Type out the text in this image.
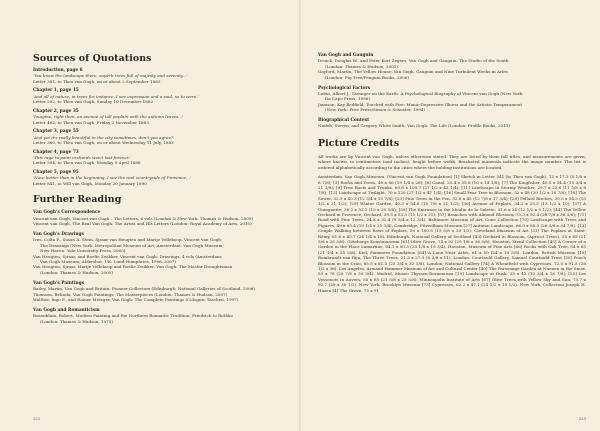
Sources of Quotations
Introduction, page 6
'You know the landscape there, superb trees full of majesty and serenity...'
Letter 381, to Theo van Gogh, on or about 2 September 1883
Chapter 1, page 15
'And all of nature, in trees for instance, I see expression and a soul, so to were.'
Letter 292, to Theo van Gogh, Sunday 10 December 1882
Chapter 2, page 35
'Imagine, right then, an avenue of tall poplars with the autumn leaves...'
Letter 402, to Theo van Gogh, Friday 2 November 1883
Chapter 3, page 55
'And yet it's really beautiful in the city sometimes, don't you agree?'
Letter 360, to Theo van Gogh, on or about Wednesday 11 July, 1883
Chapter 4, page 73
'This rage to paint orchards won't last forever.'
Letter 594, to Theo van Gogh, Monday 9 April 1888
Chapter 5, page 95
'Now, better than in the beginning, I see the real countryside of Provence...'
Letter 841, to Will van Gogh, Monday 20 January 1890
Further Reading
Van Gogh's Correspondence
Vincent van Gogh, Vincent van Gogh – The Letters, 6 vols (London & New York: Thames & Hudson, 2009)
Vincent van Gogh, The Real Van Gogh: The Artist and His Letters (London: Royal Academy of Arts, 2010)
Van Gogh's Drawings
Ives, Colta F., Susan A. Stein, Sjraar van Heugten and Marije Vellekoop, Vincent van Gogh:
The Drawings (New York: Metropolitan Museum of Art; Amsterdam: Van Gogh Museum;
New Haven: Yale University Press, 2005)
Van Heugten, Sjraar, and Roelie Zwikker, Vincent van Gogh: Drawings, 4 vols (Amsterdam:
Van Gogh Museum; Aldershot, UK: Lund Humphries, 1996–2007)
Van Heugten, Sjraar, Marije Vellekoop and Roelie Zwikker, Van Gogh: The Master Draughtsman
(London: Thames & Hudson, 2005)
Van Gogh's Paintings
Bailey, Martin, Van Gogh and Britain: Pioneer Collectors (Edinburgh: National Galleries of Scotland, 2006)
Thomson, Belinda, Van Gogh Paintings: The Masterpieces (London: Thames & Hudson, 2007)
Walther, Ingo F., and Rainer Metzger, Van Gogh: The Complete Paintings (Cologne: Taschen, 1997)
Van Gogh and Romanticism
Rosenblum, Robert, Modern Painting and the Northern Romantic Tradition: Friedrich to Rothko
(London: Thames & Hudson, 1975)
222
Van Gogh and Gauguin
Druick, Douglas W., and Peter Kort Zegers, Van Gogh and Gauguin: The Studio of the South
(London: Thames & Hudson, 2001)
Gayford, Martin, The Yellow House: Van Gogh, Gauguin and Nine Turbulent Weeks in Arles
(London: Fig Tree/Penguin Books, 2006)
Psychological Factors
Lubin, Albert J., Stranger on the Earth: A Psychological Biography of Vincent van Gogh (New York:
Da Capo Press, 1996)
Jamison, Kay Redfield, Touched with Fire: Manic-Depressive Illness and the Artistic Temperament
(New York: Free Press/Simon & Schuster, 1994)
Biographical Context
Naifeh, Steven, and Gregory White Smith, Van Gogh: The Life (London: Profile Books, 2011)
Picture Credits

All works are by Vincent van Gogh, unless otherwise stated. They are listed by their full titles, and measurements are given, where known, in centimetres (and inches), height before width. Bracketed numerals indicate the image number. The list is ordered alphabetically according to the cities where the holding institutions are located.

Amsterdam, Van Gogh Museum, (Vincent van Gogh Foundation) [1] Sketch in Letter 341 (to Theo van Gogh), 13 x 17.3 (5 1/8 x 6 7/8); [3] Rocks and Trees, 49 x 66 (19 1/4 x 26); [6] Canal, 25.4 x 35.8 (10 x 14 1/8); [7] The Kingfisher, 40.1 x 54.4 (15 3/4 x 21 3/8); [9] Tree Roots and Trunks, 69.8 x 109.7 (27 1/2 x 43 1/4); [11] Landscape in Stormy Weather, 29.7 x 22.6 (11 5/8 x 8 7/8); [12] Landscape at Twilight, 70 x 120 (27 1/2 x 47 1/4); [16] Small Pear Tree in Blossom, 52 x 48 (20 1/2 x 18 7/8); [18] The Sower, 32.5 x 40.3 (12 3/4 x 15 7/8); [23] Pine Trees in the Fen, 32.8 x 45 (12 7/8 x 17 3/4); [28] Pollard Birches, 39.5 x 54.5 (15 1/2 x 21 1/2); [29] Winter Garden, 40.3 x 54.6 (15 7/8 x 21 1/2); [30] Avenue of Poplars, 34.2 x 25.5 (13 1/2 x 10); [37] A Guinguette, 38.2 x 52.5 (15 x 20 5/8); [39] The Entrance to the Moulin de la Galette, 31.6 x 24 (12 1/2 x 9 1/2); [44] The Yellow Orchard in Provence; Orchard, 39.5 x 53.5 (15 1/2 x 21); [57] Branches with Almond Blossom, 73.3 x 92.4 (28 7/8 x 36 3/8); [71] Road with Pine Trees, 24.8 x 32.4 (9 3/4 x 12 3/4). Baltimore Museum of Art, Cone Collection [70] Landscape with Trees and Figures, 49 x 65.4 (19 1/4 x 25 3/4). Cambridge, Fitzwilliam Museum [27] Autumn Landscape, 66.9 x 88.5 (26 3/8 x 34 7/8). [13] Couple Walking between Rows of Poplars, 50 x 100.5 (19 5/8 x 39 1/2). Cleveland Museum of Art [31] The Poplars at Saint-Rémy, 61.6 x 45.7 (24 1/4 x 18). Edinburgh, National Gallery of Scotland [43] Orchard in Blossom, (Apricot Trees), 55 x 65 (21 5/8 x 25 5/8). Göteborgs Konstmuseum [61] Olive Grove, 74 x 93 (29 1/8 x 36 5/8). Houston, Menil Collection [45] A Corner of a Garden in the Place Lamartine, 64.1 x 50.3 (25 1/4 x 19 3/4). Houston, Museum of Fine Arts [66] Rocks with Oak Tree, 54 x 65 (21 1/4 x 25 5/8). Kiel, Pommern Foundation [64] A Lane Near Arles, 61 x 50 (24 x 19 5/8). London, British Museum [10] Rembrandt van Rijn, The Three Trees, 21.3 x 27.9 (8 3/8 x 11). London, Courtauld Gallery, Samuel Courtauld Trust [50] Peach Blossom in the Crau, 65.5 x 81.5 (25 3/4 x 32 1/8). London, National Gallery [74] A Wheatfield with Cypresses, 72.5 x 91.5 (28 1/2 x 36). Los Angeles, Armand Hammer Museum of Art and Cultural Center [40] The Parsonage Garden at Nuenen in the Snow, 53 x 78 (20 7/8 x 30 3/4). Madrid, Museo Thyssen-Bornemisza [19] Landscape at Dusk, 35 x 43 (13 3/4 x 16 7/8); [55] Les Vessenots in Auvers, 55 x 65 (21 5/8 x 25 5/8). Minneapolis Institute of Arts [67] Olive Trees with Yellow Sky and Sun, 73.7 x 92.7 (29 x 36 1/2). New York, Brooklyn Museum [73] Cypresses, 62.2 x 47.1 (24 1/2 x 18 1/2). New York, Collection Joseph H. Hazen [4] The Grove, 75 x 91

223
